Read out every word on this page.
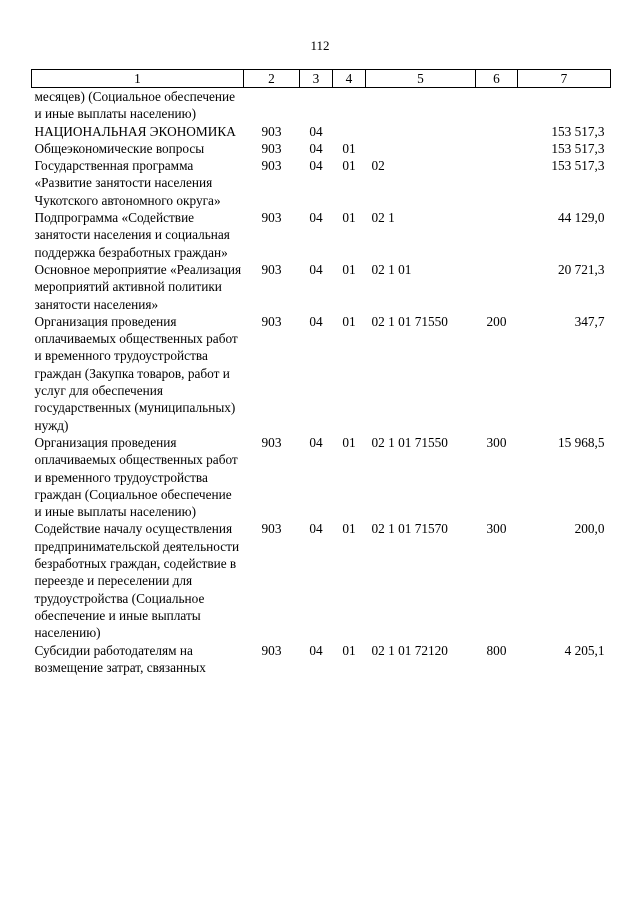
112
1	2	3	4	5	6	7
месяцев) (Социальное обеспечение и иные выплаты населению)						
НАЦИОНАЛЬНАЯ ЭКОНОМИКА	903	04				153 517,3
Общеэкономические вопросы	903	04	01			153 517,3
Государственная программа «Развитие занятости населения Чукотского автономного округа»	903	04	01	02		153 517,3
Подпрограмма «Содействие занятости населения и социальная поддержка безработных граждан»	903	04	01	02 1		44 129,0
Основное мероприятие «Реализация мероприятий активной политики занятости населения»	903	04	01	02 1 01		20 721,3
Организация проведения оплачиваемых общественных работ и временного трудоустройства граждан (Закупка товаров, работ и услуг для обеспечения государственных (муниципальных) нужд)	903	04	01	02 1 01 71550	200	347,7
Организация проведения оплачиваемых общественных работ и временного трудоустройства граждан (Социальное обеспечение и иные выплаты населению)	903	04	01	02 1 01 71550	300	15 968,5
Содействие началу осуществления предпринимательской деятельности безработных граждан, содействие в переезде и переселении для трудоустройства (Социальное обеспечение и иные выплаты населению)	903	04	01	02 1 01 71570	300	200,0
Субсидии работодателям на возмещение затрат, связанных	903	04	01	02 1 01 72120	800	4 205,1
